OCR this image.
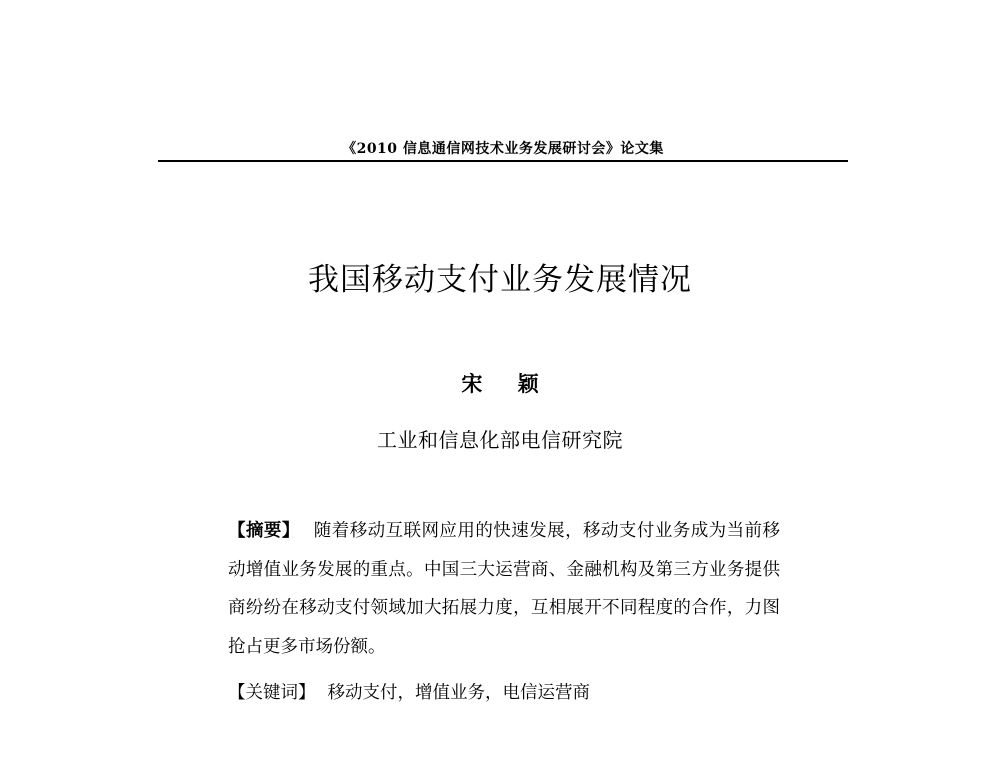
《2010 信息通信网技术业务发展研讨会》论文集
我国移动支付业务发展情况
宋 颖
工业和信息化部电信研究院
【摘要】 随着移动互联网应用的快速发展，移动支付业务成为当前移动增值业务发展的重点。中国三大运营商、金融机构及第三方业务提供商纷纷在移动支付领域加大拓展力度，互相展开不同程度的合作，力图抢占更多市场份额。
【关键词】 移动支付，增值业务，电信运营商
